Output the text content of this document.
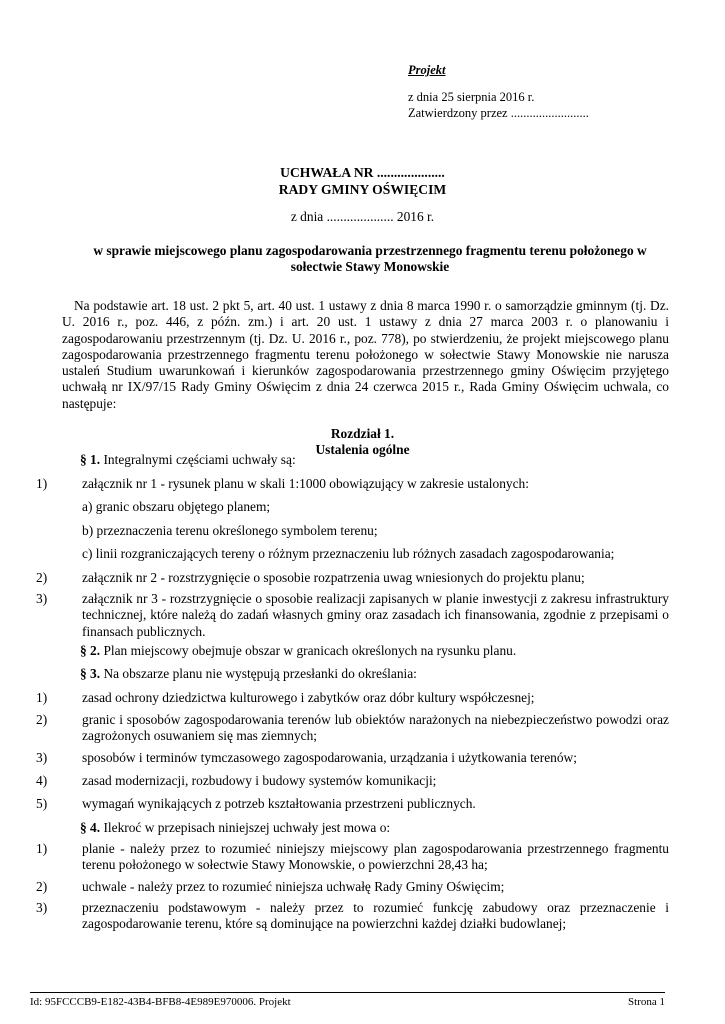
Projekt
z dnia 25 sierpnia 2016 r.
Zatwierdzony przez .........................
UCHWAŁA NR ....................
RADY GMINY OŚWIĘCIM
z dnia .................... 2016 r.
w sprawie miejscowego planu zagospodarowania przestrzennego fragmentu terenu położonego w sołectwie Stawy Monowskie
Na podstawie art. 18 ust. 2 pkt 5, art. 40 ust. 1 ustawy z dnia 8 marca 1990 r. o samorządzie gminnym (tj. Dz. U. 2016 r., poz. 446, z późn. zm.) i art. 20 ust. 1 ustawy z dnia 27 marca 2003 r. o planowaniu i zagospodarowaniu przestrzennym (tj. Dz. U. 2016 r., poz. 778), po stwierdzeniu, że projekt miejscowego planu zagospodarowania przestrzennego fragmentu terenu położonego w sołectwie Stawy Monowskie nie narusza ustaleń Studium uwarunkowań i kierunków zagospodarowania przestrzennego gminy Oświęcim przyjętego uchwałą nr IX/97/15 Rady Gminy Oświęcim z dnia 24 czerwca 2015 r., Rada Gminy Oświęcim uchwala, co następuje:
Rozdział 1.
Ustalenia ogólne
§ 1. Integralnymi częściami uchwały są:
1)	załącznik nr 1 - rysunek planu w skali 1:1000 obowiązujący w zakresie ustalonych:
a) granic obszaru objętego planem;
b) przeznaczenia terenu określonego symbolem terenu;
c) linii rozgraniczających tereny o różnym przeznaczeniu lub różnych zasadach zagospodarowania;
2)	załącznik nr 2 - rozstrzygnięcie o sposobie rozpatrzenia uwag wniesionych do projektu planu;
3)	załącznik nr 3 - rozstrzygnięcie o sposobie realizacji zapisanych w planie inwestycji z zakresu infrastruktury technicznej, które należą do zadań własnych gminy oraz zasadach ich finansowania, zgodnie z przepisami o finansach publicznych.
§ 2. Plan miejscowy obejmuje obszar w granicach określonych na rysunku planu.
§ 3. Na obszarze planu nie występują przesłanki do określania:
1)	zasad ochrony dziedzictwa kulturowego i zabytków oraz dóbr kultury współczesnej;
2)	granic i sposobów zagospodarowania terenów lub obiektów narażonych na niebezpieczeństwo powodzi oraz zagrożonych osuwaniem się mas ziemnych;
3)	sposobów i terminów tymczasowego zagospodarowania, urządzania i użytkowania terenów;
4)	zasad modernizacji, rozbudowy i budowy systemów komunikacji;
5)	wymagań wynikających z potrzeb kształtowania przestrzeni publicznych.
§ 4. Ilekroć w przepisach niniejszej uchwały jest mowa o:
1)	planie - należy przez to rozumieć niniejszy miejscowy plan zagospodarowania przestrzennego fragmentu terenu położonego w sołectwie Stawy Monowskie, o powierzchni 28,43 ha;
2)	uchwale - należy przez to rozumieć niniejsza uchwałę Rady Gminy Oświęcim;
3)	przeznaczeniu podstawowym - należy przez to rozumieć funkcję zabudowy oraz przeznaczenie i zagospodarowanie terenu, które są dominujące na powierzchni każdej działki budowlanej;
Id: 95FCCCB9-E182-43B4-BFB8-4E989E970006. Projekt	Strona 1
